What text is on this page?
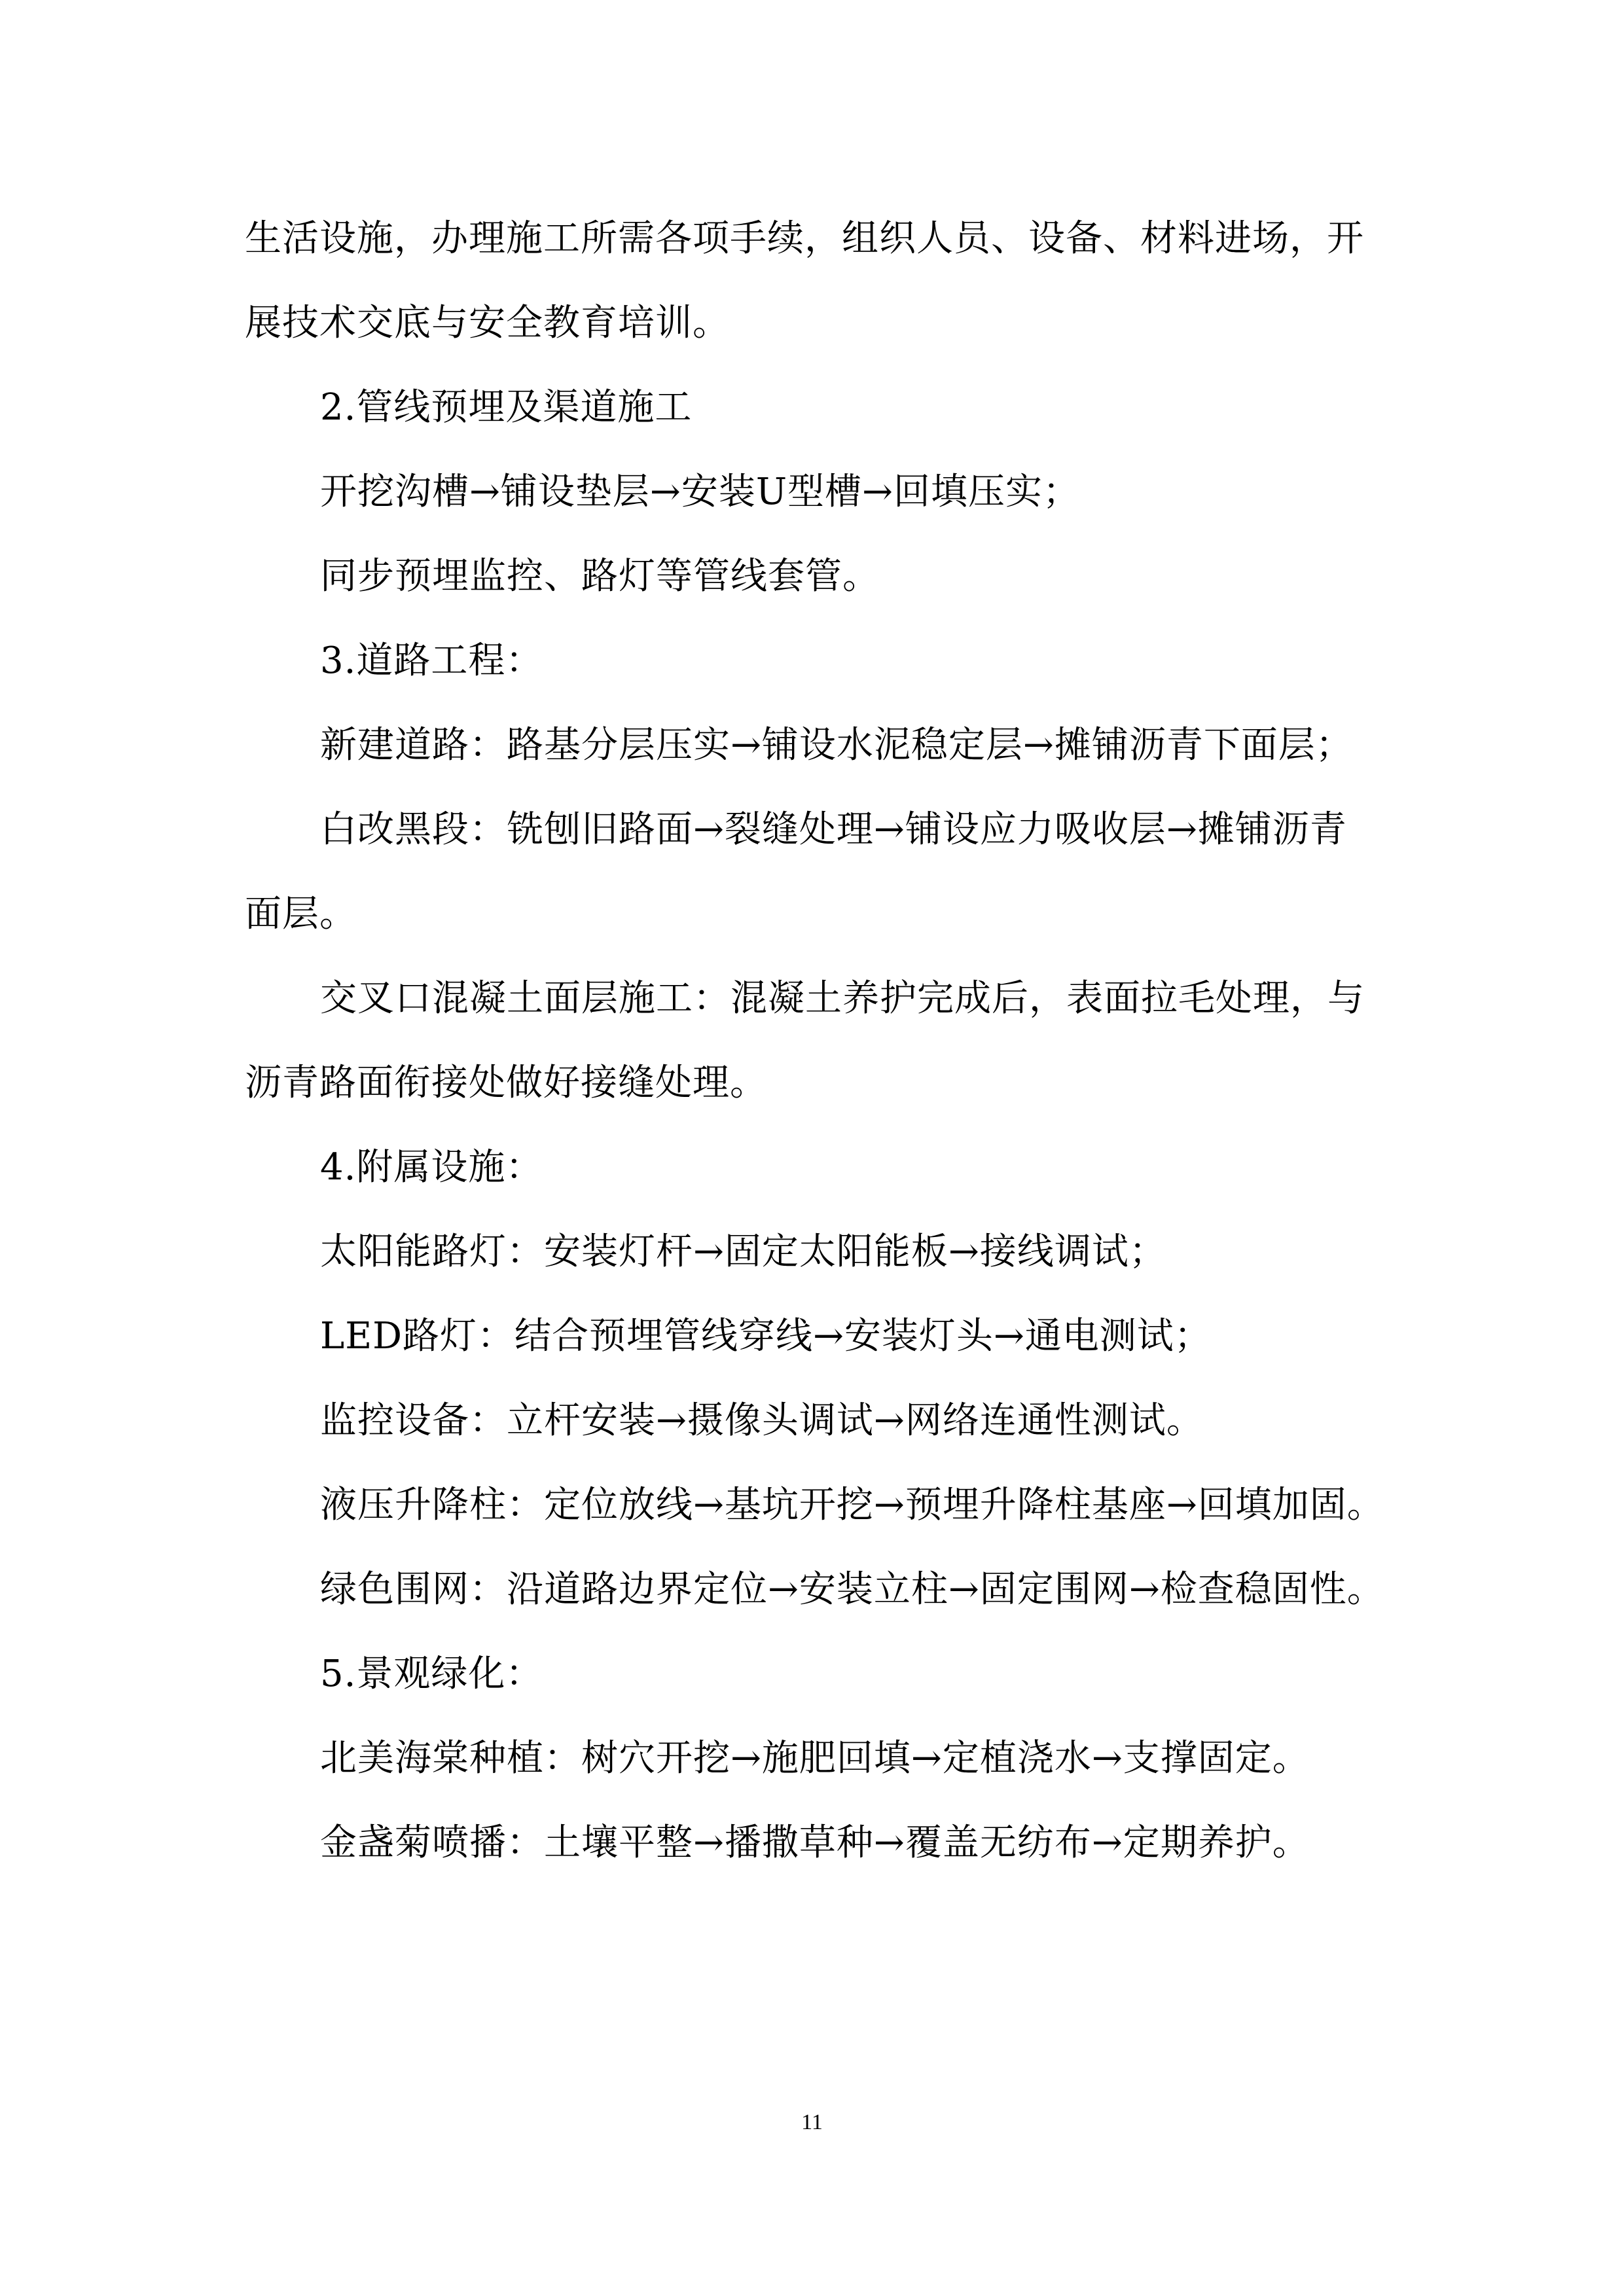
生活设施，办理施工所需各项手续，组织人员、设备、材料进场，开
展技术交底与安全教育培训。
2.管线预埋及渠道施工
开挖沟槽→铺设垫层→安装U型槽→回填压实；
同步预埋监控、路灯等管线套管。
3.道路工程：
新建道路：路基分层压实→铺设水泥稳定层→摊铺沥青下面层；
白改黑段：铣刨旧路面→裂缝处理→铺设应力吸收层→摊铺沥青
面层。
交叉口混凝土面层施工：混凝土养护完成后，表面拉毛处理，与
沥青路面衔接处做好接缝处理。
4.附属设施：
太阳能路灯：安装灯杆→固定太阳能板→接线调试；
LED路灯：结合预埋管线穿线→安装灯头→通电测试；
监控设备：立杆安装→摄像头调试→网络连通性测试。
液压升降柱：定位放线→基坑开挖→预埋升降柱基座→回填加固。
绿色围网：沿道路边界定位→安装立柱→固定围网→检查稳固性。
5.景观绿化：
北美海棠种植：树穴开挖→施肥回填→定植浇水→支撑固定。
金盏菊喷播：土壤平整→播撒草种→覆盖无纺布→定期养护。
11
